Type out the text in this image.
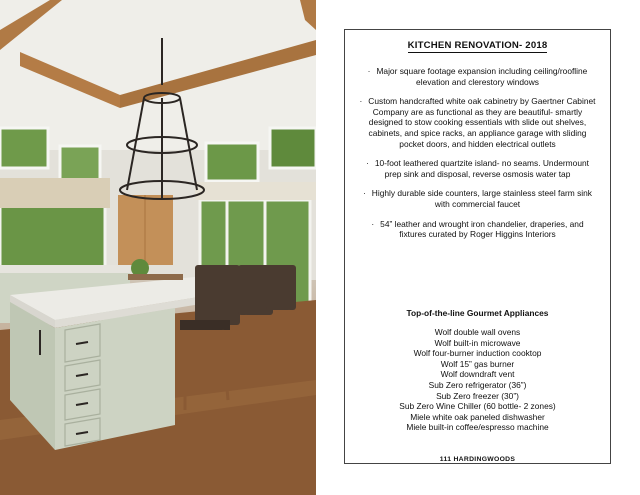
KITCHEN RENOVATION- 2018
· Major square footage expansion including ceiling/roofline elevation and clerestory windows
· Custom handcrafted white oak cabinetry by Gaertner Cabinet Company are as functional as they are beautiful- smartly designed to stow cooking essentials with slide out shelves, cabinets, and spice racks, an appliance garage with sliding pocket doors, and hidden electrical outlets
· 10-foot leathered quartzite island- no seams. Undermount prep sink and disposal, reverse osmosis water tap
· Highly durable side counters, large stainless steel farm sink with commercial faucet
· 54” leather and wrought iron chandelier, draperies, and fixtures curated by Roger Higgins Interiors
Top-of-the-line Gourmet Appliances
Wolf double wall ovens
Wolf built-in microwave
Wolf four-burner induction cooktop
Wolf 15” gas burner
Wolf downdraft vent
Sub Zero refrigerator (36”)
Sub Zero freezer (30”)
Sub Zero Wine Chiller (60 bottle- 2 zones)
Miele white oak paneled dishwasher
Miele built-in coffee/espresso machine
111 HARDINGWOODS
